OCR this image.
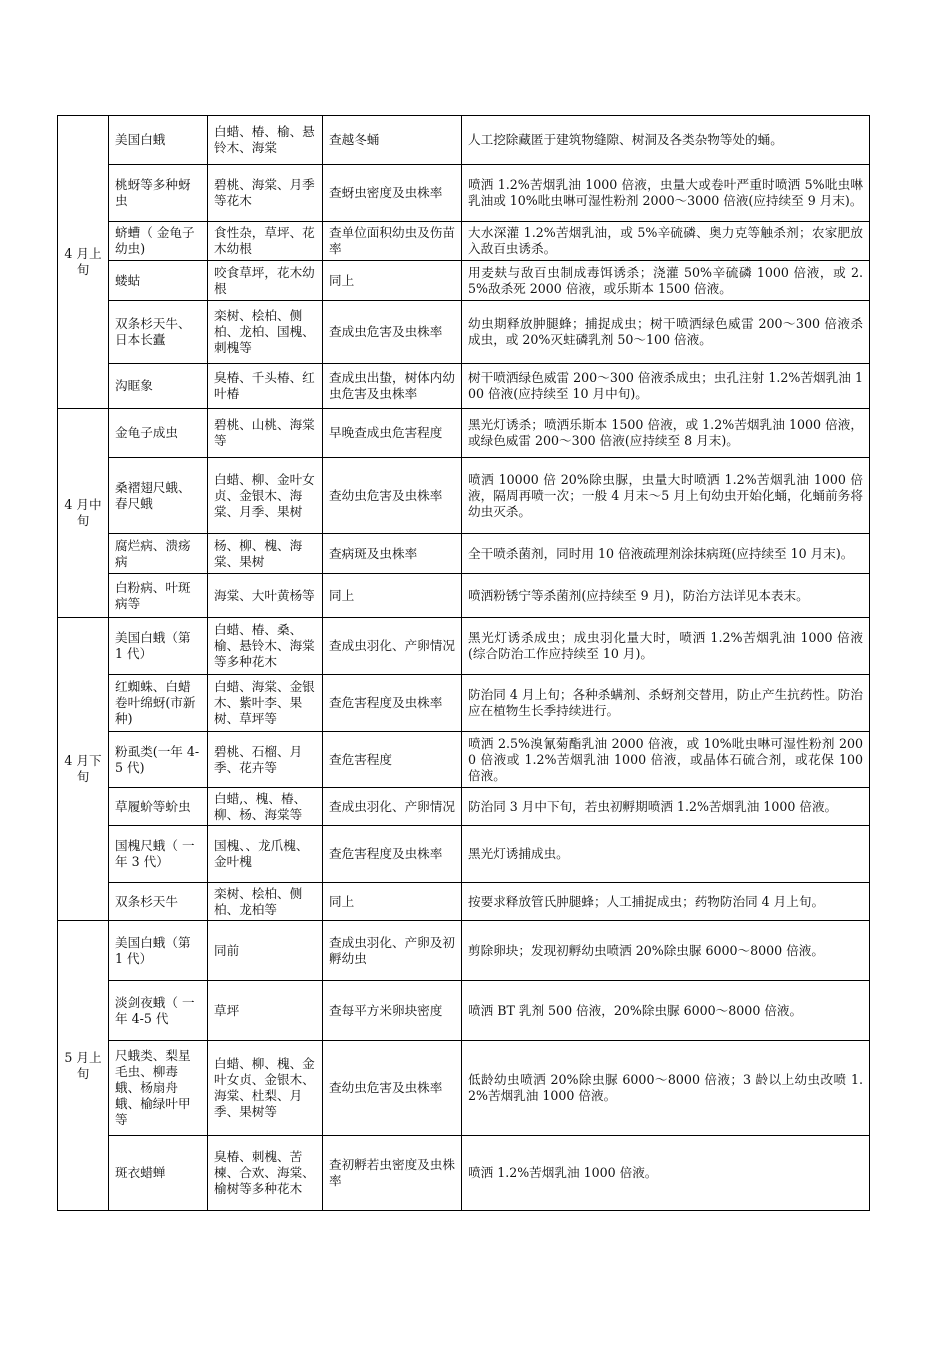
4 月上旬	美国白蛾	白蜡、椿、榆、悬铃木、海棠	查越冬蛹	人工挖除藏匿于建筑物缝隙、树洞及各类杂物等处的蛹。
	桃蚜等多种蚜虫	碧桃、海棠、月季等花木	查蚜虫密度及虫株率	喷洒 1.2%苦烟乳油 1000 倍液，虫量大或卷叶严重时喷洒 5%吡虫啉乳油或 10%吡虫啉可湿性粉剂 2000～3000 倍液(应持续至 9 月末)。
	蛴螬（ 金龟子幼虫)	食性杂，草坪、花木幼根	查单位面积幼虫及伤苗率	大水深灌 1.2%苦烟乳油，或 5%辛硫磷、奥力克等触杀剂；农家肥放入敌百虫诱杀。
	蝼蛄	咬食草坪，花木幼根	同上	用麦麸与敌百虫制成毒饵诱杀；浇灌 50%辛硫磷 1000 倍液，或 2.5%敌杀死 2000 倍液，或乐斯本 1500 倍液。
	双条杉天牛、日本长蠹	栾树、桧柏、侧柏、龙柏、国槐、刺槐等	查成虫危害及虫株率	幼虫期释放肿腿蜂；捕捉成虫；树干喷洒绿色威雷 200～300 倍液杀成虫，或 20%灭蛀磷乳剂 50～100 倍液。
	沟眶象	臭椿、千头椿、红叶椿	查成虫出蛰，树体内幼虫危害及虫株率	树干喷洒绿色威雷 200～300 倍液杀成虫；虫孔注射 1.2%苦烟乳油 100 倍液(应持续至 10 月中旬)。

4 月中旬	金龟子成虫	碧桃、山桃、海棠等	早晚查成虫危害程度	黑光灯诱杀；喷洒乐斯本 1500 倍液，或 1.2%苦烟乳油 1000 倍液，或绿色威雷 200～300 倍液(应持续至 8 月末)。
	桑褶翅尺蛾、春尺蛾	白蜡、柳、金叶女贞、金银木、海棠、月季、果树	查幼虫危害及虫株率	喷洒 10000 倍 20%除虫脲，虫量大时喷洒 1.2%苦烟乳油 1000 倍液，隔周再喷一次；一般 4 月末～5 月上旬幼虫开始化蛹，化蛹前务将幼虫灭杀。
	腐烂病、溃疡病	杨、柳、槐、海棠、果树	查病斑及虫株率	全干喷杀菌剂，同时用 10 倍液疏理剂涂抹病斑(应持续至 10 月末)。
	白粉病、叶斑病等	海棠、大叶黄杨等	同上	喷洒粉锈宁等杀菌剂(应持续至 9 月)，防治方法详见本表末。

4 月下旬	美国白蛾（第 1 代）	白蜡、椿、桑、榆、悬铃木、海棠等多种花木	查成虫羽化、产卵情况	黑光灯诱杀成虫；成虫羽化量大时，喷洒 1.2%苦烟乳油 1000 倍液(综合防治工作应持续至 10 月)。
	红蜘蛛、白蜡卷叶绵蚜(市新种)	白蜡、海棠、金银木、紫叶李、果树、草坪等	查危害程度及虫株率	防治同 4 月上旬；各种杀螨剂、杀蚜剂交替用，防止产生抗药性。防治应在植物生长季持续进行。
	粉虱类(一年 4-5 代)	碧桃、石榴、月季、花卉等	查危害程度	喷洒 2.5%溴氰菊酯乳油 2000 倍液，或 10%吡虫啉可湿性粉剂 2000 倍液或 1.2%苦烟乳油 1000 倍液，或晶体石硫合剂，或花保 100 倍液。
	草履蚧等蚧虫	白蜡,、槐、椿、柳、杨、海棠等	查成虫羽化、产卵情况	防治同 3 月中下旬，若虫初孵期喷洒 1.2%苦烟乳油 1000 倍液。
	国槐尺蛾（ 一年 3 代）	国槐、、龙爪槐、金叶槐	查危害程度及虫株率	黑光灯诱捕成虫。
	双条杉天牛	栾树、桧柏、侧柏、龙柏等	同上	按要求释放管氏肿腿蜂；人工捕捉成虫；药物防治同 4 月上旬。

5 月上旬	美国白蛾（第 1 代）	同前	查成虫羽化、产卵及初孵幼虫	剪除卵块；发现初孵幼虫喷洒 20%除虫脲 6000～8000 倍液。
	淡剑夜蛾（ 一年 4-5 代	草坪	查每平方米卵块密度	喷洒 BT 乳剂 500 倍液，20%除虫脲 6000～8000 倍液。
	尺蛾类、梨星毛虫、柳毒蛾、杨扇舟蛾、榆绿叶甲等	白蜡、柳、槐、金叶女贞、金银木、海棠、杜梨、月季、果树等	查幼虫危害及虫株率	低龄幼虫喷洒 20%除虫脲 6000～8000 倍液；3 龄以上幼虫改喷 1.2%苦烟乳油 1000 倍液。
	斑衣蜡蝉	臭椿、刺槐、苦楝、合欢、海棠、榆树等多种花木	查初孵若虫密度及虫株率	喷洒 1.2%苦烟乳油 1000 倍液。
